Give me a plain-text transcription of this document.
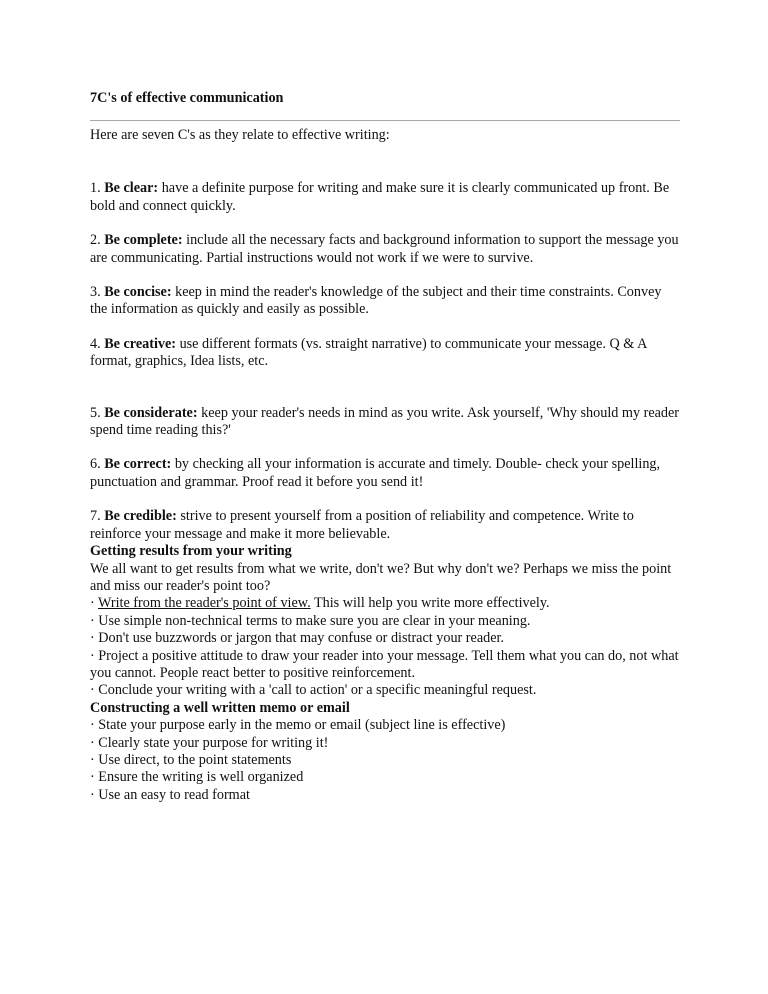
7C's of effective communication

Here are seven C's as they relate to effective writing:

1. Be clear: have a definite purpose for writing and make sure it is clearly communicated up front. Be bold and connect quickly.

2. Be complete: include all the necessary facts and background information to support the message you are communicating. Partial instructions would not work if we were to survive.

3. Be concise: keep in mind the reader's knowledge of the subject and their time constraints. Convey the information as quickly and easily as possible.

4. Be creative: use different formats (vs. straight narrative) to communicate your message. Q & A format, graphics, Idea lists, etc.

5. Be considerate: keep your reader's needs in mind as you write. Ask yourself, 'Why should my reader spend time reading this?'

6. Be correct: by checking all your information is accurate and timely. Double- check your spelling, punctuation and grammar. Proof read it before you send it!

7. Be credible: strive to present yourself from a position of reliability and competence. Write to reinforce your message and make it more believable.

Getting results from your writing

We all want to get results from what we write, don't we? But why don't we? Perhaps we miss the point and miss our reader's point too?

· Write from the reader's point of view. This will help you write more effectively.

· Use simple non-technical terms to make sure you are clear in your meaning.

· Don't use buzzwords or jargon that may confuse or distract your reader.

· Project a positive attitude to draw your reader into your message. Tell them what you can do, not what you cannot. People react better to positive reinforcement.

· Conclude your writing with a 'call to action' or a specific meaningful request.

Constructing a well written memo or email

· State your purpose early in the memo or email (subject line is effective)

· Clearly state your purpose for writing it!

· Use direct, to the point statements

· Ensure the writing is well organized

· Use an easy to read format
